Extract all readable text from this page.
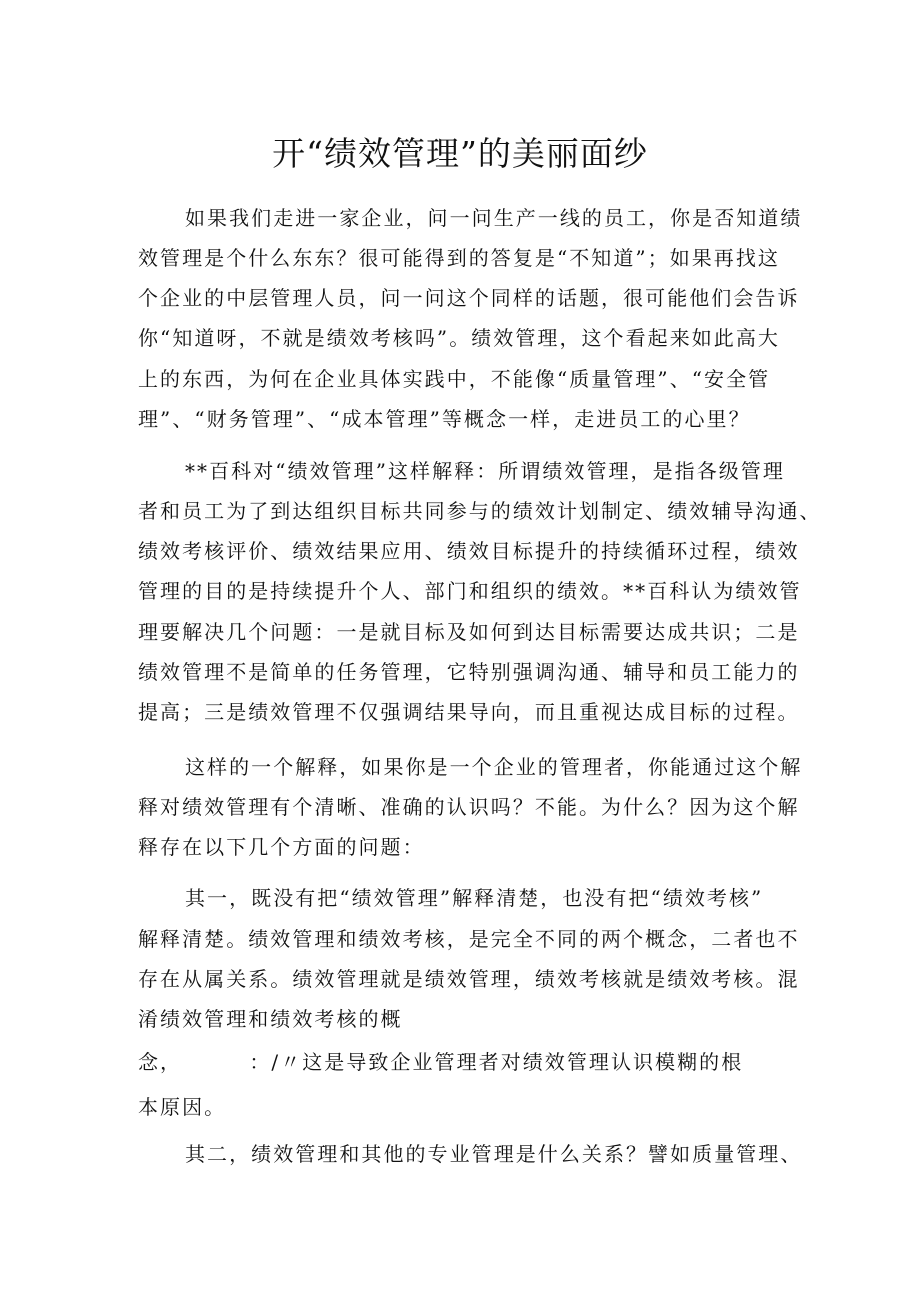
开“绩效管理”的美丽面纱
如果我们走进一家企业，问一问生产一线的员工，你是否知道绩
效管理是个什么东东？很可能得到的答复是“不知道”；如果再找这
个企业的中层管理人员，问一问这个同样的话题，很可能他们会告诉
你“知道呀，不就是绩效考核吗”。绩效管理，这个看起来如此高大
上的东西，为何在企业具体实践中，不能像“质量管理”、“安全管
理”、“财务管理”、“成本管理”等概念一样，走进员工的心里？
**百科对“绩效管理”这样解释：所谓绩效管理，是指各级管理
者和员工为了到达组织目标共同参与的绩效计划制定、绩效辅导沟通、
绩效考核评价、绩效结果应用、绩效目标提升的持续循环过程，绩效
管理的目的是持续提升个人、部门和组织的绩效。**百科认为绩效管
理要解决几个问题：一是就目标及如何到达目标需要达成共识；二是
绩效管理不是简单的任务管理，它特别强调沟通、辅导和员工能力的
提高；三是绩效管理不仅强调结果导向，而且重视达成目标的过程。
这样的一个解释，如果你是一个企业的管理者，你能通过这个解
释对绩效管理有个清晰、准确的认识吗？不能。为什么？因为这个解
释存在以下几个方面的问题：
其一，既没有把“绩效管理”解释清楚，也没有把“绩效考核”
解释清楚。绩效管理和绩效考核，是完全不同的两个概念，二者也不
存在从属关系。绩效管理就是绩效管理，绩效考核就是绩效考核。混
淆绩效管理和绩效考核的概
念，        ：/〃这是导致企业管理者对绩效管理认识模糊的根
本原因。
其二，绩效管理和其他的专业管理是什么关系？譬如质量管理、
